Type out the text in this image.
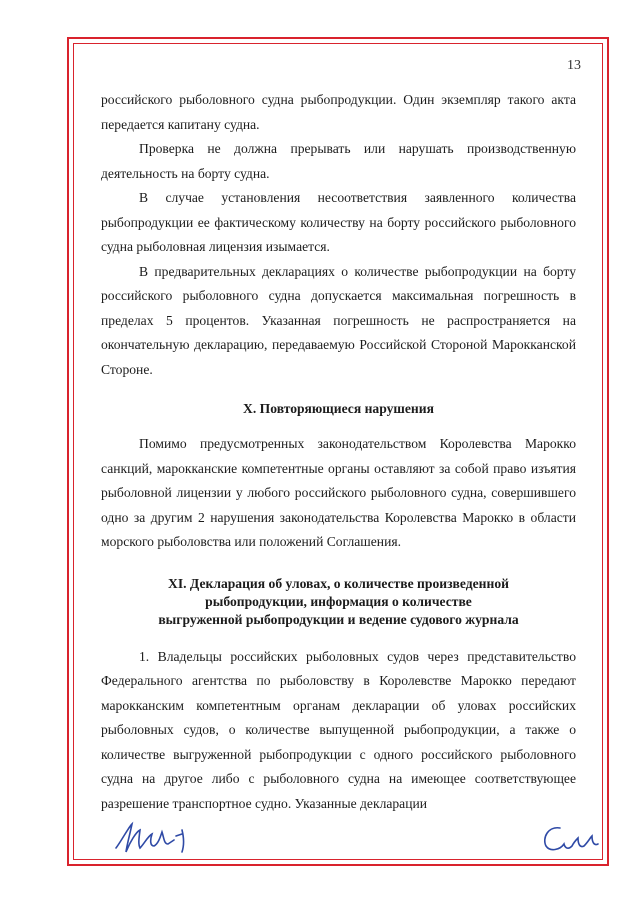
13

российского рыболовного судна рыбопродукции. Один экземпляр такого акта передается капитану судна.

Проверка не должна прерывать или нарушать производственную деятельность на борту судна.

В случае установления несоответствия заявленного количества рыбопродукции ее фактическому количеству на борту российского рыболовного судна рыболовная лицензия изымается.

В предварительных декларациях о количестве рыбопродукции на борту российского рыболовного судна допускается максимальная погрешность в пределах 5 процентов. Указанная погрешность не распространяется на окончательную декларацию, передаваемую Российской Стороной Марокканской Стороне.

X. Повторяющиеся нарушения

Помимо предусмотренных законодательством Королевства Марокко санкций, марокканские компетентные органы оставляют за собой право изъятия рыболовной лицензии у любого российского рыболовного судна, совершившего одно за другим 2 нарушения законодательства Королевства Марокко в области морского рыболовства или положений Соглашения.

XI. Декларация об уловах, о количестве произведенной
рыбопродукции, информация о количестве
выгруженной рыбопродукции и ведение судового журнала

1. Владельцы российских рыболовных судов через представительство Федерального агентства по рыболовству в Королевстве Марокко передают марокканским компетентным органам декларации об уловах российских рыболовных судов, о количестве выпущенной рыбопродукции, а также о количестве выгруженной рыбопродукции с одного российского рыболовного судна на другое либо с рыболовного судна на имеющее соответствующее разрешение транспортное судно. Указанные декларации
